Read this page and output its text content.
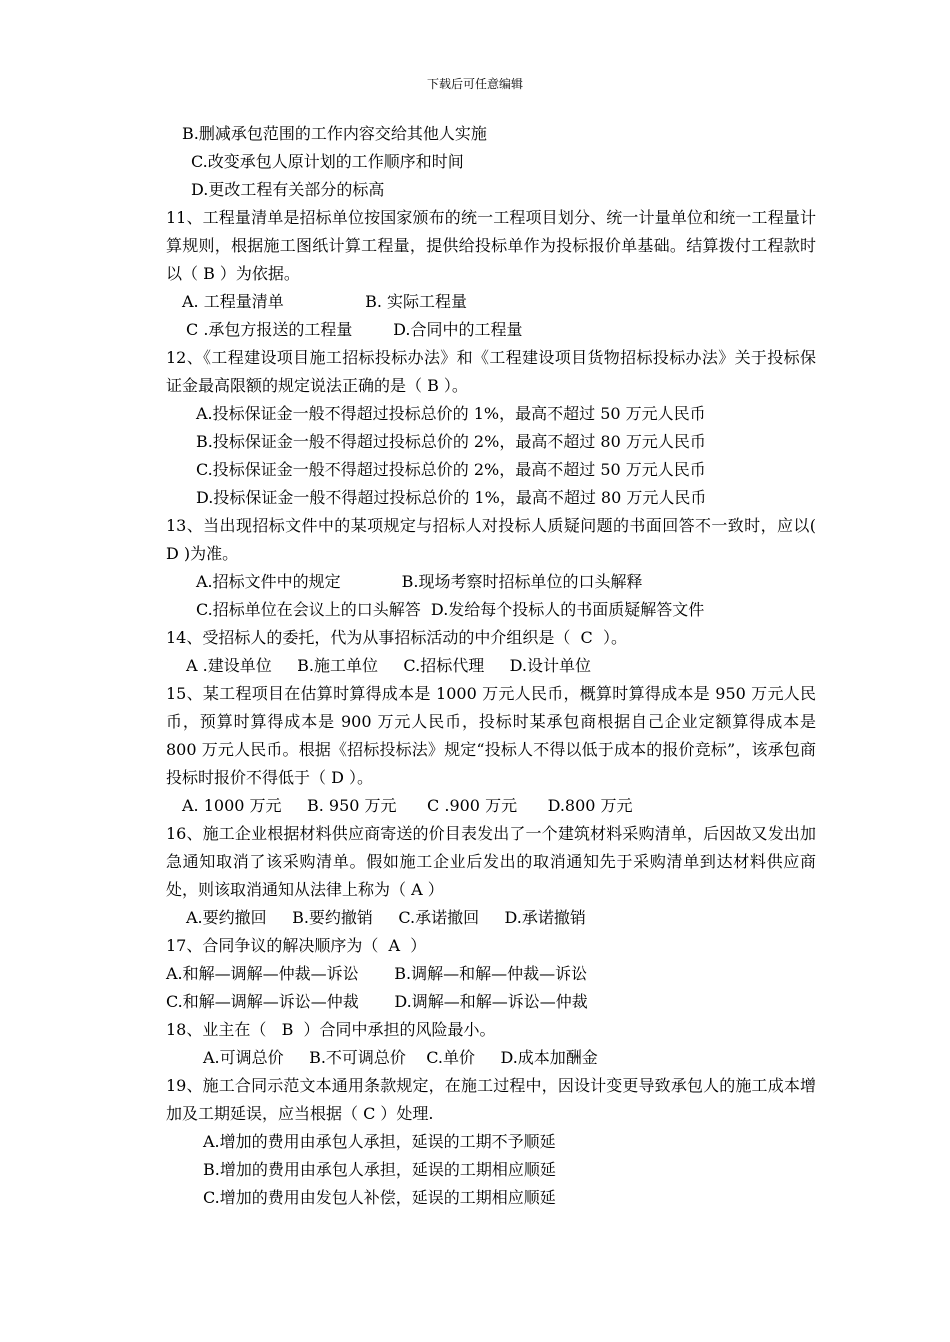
下载后可任意编辑
B.删减承包范围的工作内容交给其他人实施
C.改变承包人原计划的工作顺序和时间
D.更改工程有关部分的标高
11、工程量清单是招标单位按国家颁布的统一工程项目划分、统一计量单位和统一工程量计算规则，根据施工图纸计算工程量，提供给投标单作为投标报价单基础。结算拨付工程款时以（ B ）为依据。
A. 工程量清单                B. 实际工程量
C .承包方报送的工程量        D.合同中的工程量
12、《工程建设项目施工招标投标办法》和《工程建设项目货物招标投标办法》关于投标保证金最高限额的规定说法正确的是（ B ）。
A.投标保证金一般不得超过投标总价的 1%，最高不超过 50 万元人民币
B.投标保证金一般不得超过投标总价的 2%，最高不超过 80 万元人民币
C.投标保证金一般不得超过投标总价的 2%，最高不超过 50 万元人民币
D.投标保证金一般不得超过投标总价的 1%，最高不超过 80 万元人民币
13、当出现招标文件中的某项规定与招标人对投标人质疑问题的书面回答不一致时，应以( D )为准。
A.招标文件中的规定            B.现场考察时招标单位的口头解释
C.招标单位在会议上的口头解答  D.发给每个投标人的书面质疑解答文件
14、受招标人的委托，代为从事招标活动的中介组织是（  C  ）。
A .建设单位     B.施工单位     C.招标代理     D.设计单位
15、某工程项目在估算时算得成本是 1000 万元人民币，概算时算得成本是 950 万元人民币，预算时算得成本是 900 万元人民币，投标时某承包商根据自己企业定额算得成本是 800 万元人民币。根据《招标投标法》规定“投标人不得以低于成本的报价竞标”，该承包商投标时报价不得低于（ D ）。
A. 1000 万元     B. 950 万元      C .900 万元      D.800 万元
16、施工企业根据材料供应商寄送的价目表发出了一个建筑材料采购清单，后因故又发出加急通知取消了该采购清单。假如施工企业后发出的取消通知先于采购清单到达材料供应商处，则该取消通知从法律上称为（ A ）
A.要约撤回     B.要约撤销     C.承诺撤回     D.承诺撤销
17、合同争议的解决顺序为（  A  ）
A.和解—调解—仲裁—诉讼       B.调解—和解—仲裁—诉讼
C.和解—调解—诉讼—仲裁       D.调解—和解—诉讼—仲裁
18、业主在（   B  ）合同中承担的风险最小。
A.可调总价     B.不可调总价    C.单价     D.成本加酬金
19、施工合同示范文本通用条款规定，在施工过程中，因设计变更导致承包人的施工成本增加及工期延误，应当根据（ C ）处理.
A.增加的费用由承包人承担，延误的工期不予顺延
B.增加的费用由承包人承担，延误的工期相应顺延
C.增加的费用由发包人补偿，延误的工期相应顺延
